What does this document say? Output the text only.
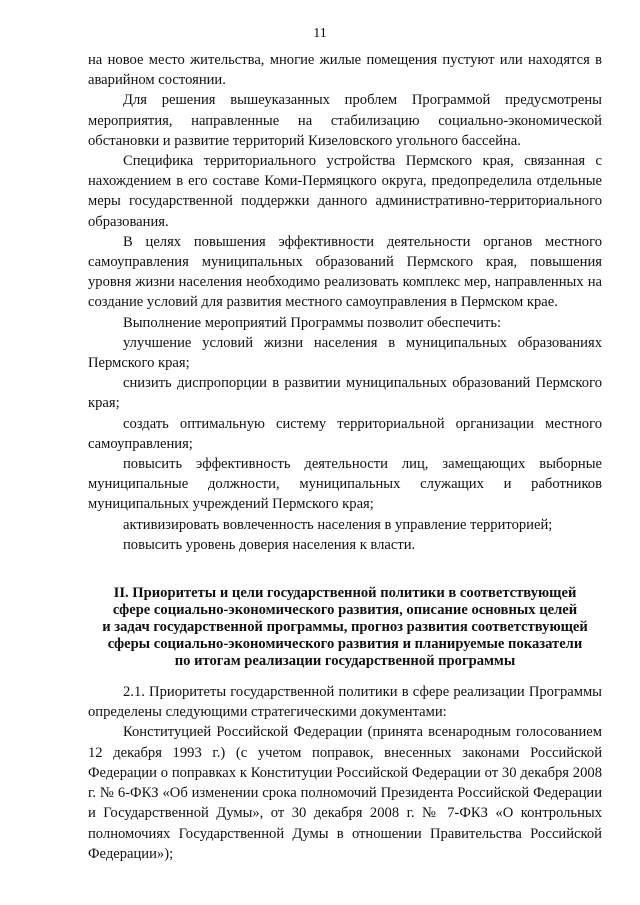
11

на новое место жительства, многие жилые помещения пустуют или находятся в аварийном состоянии.

Для решения вышеуказанных проблем Программой предусмотрены мероприятия, направленные на стабилизацию социально-экономической обстановки и развитие территорий Кизеловского угольного бассейна.

Специфика территориального устройства Пермского края, связанная с нахождением в его составе Коми-Пермяцкого округа, предопределила отдельные меры государственной поддержки данного административно-территориального образования.

В целях повышения эффективности деятельности органов местного самоуправления муниципальных образований Пермского края, повышения уровня жизни населения необходимо реализовать комплекс мер, направленных на создание условий для развития местного самоуправления в Пермском крае.

Выполнение мероприятий Программы позволит обеспечить:

улучшение условий жизни населения в муниципальных образованиях Пермского края;

снизить диспропорции в развитии муниципальных образований Пермского края;

создать оптимальную систему территориальной организации местного самоуправления;

повысить эффективность деятельности лиц, замещающих выборные муниципальные должности, муниципальных служащих и работников муниципальных учреждений Пермского края;

активизировать вовлеченность населения в управление территорией;

повысить уровень доверия населения к власти.

II. Приоритеты и цели государственной политики в соответствующей
сфере социально-экономического развития, описание основных целей
и задач государственной программы, прогноз развития соответствующей
сферы социально-экономического развития и планируемые показатели
по итогам реализации государственной программы

2.1. Приоритеты государственной политики в сфере реализации Программы определены следующими стратегическими документами:

Конституцией Российской Федерации (принята всенародным голосованием 12 декабря 1993 г.) (с учетом поправок, внесенных законами Российской Федерации о поправках к Конституции Российской Федерации от 30 декабря 2008 г. № 6-ФКЗ «Об изменении срока полномочий Президента Российской Федерации и Государственной Думы», от 30 декабря 2008 г. № 7-ФКЗ «О контрольных полномочиях Государственной Думы в отношении Правительства Российской Федерации»);
